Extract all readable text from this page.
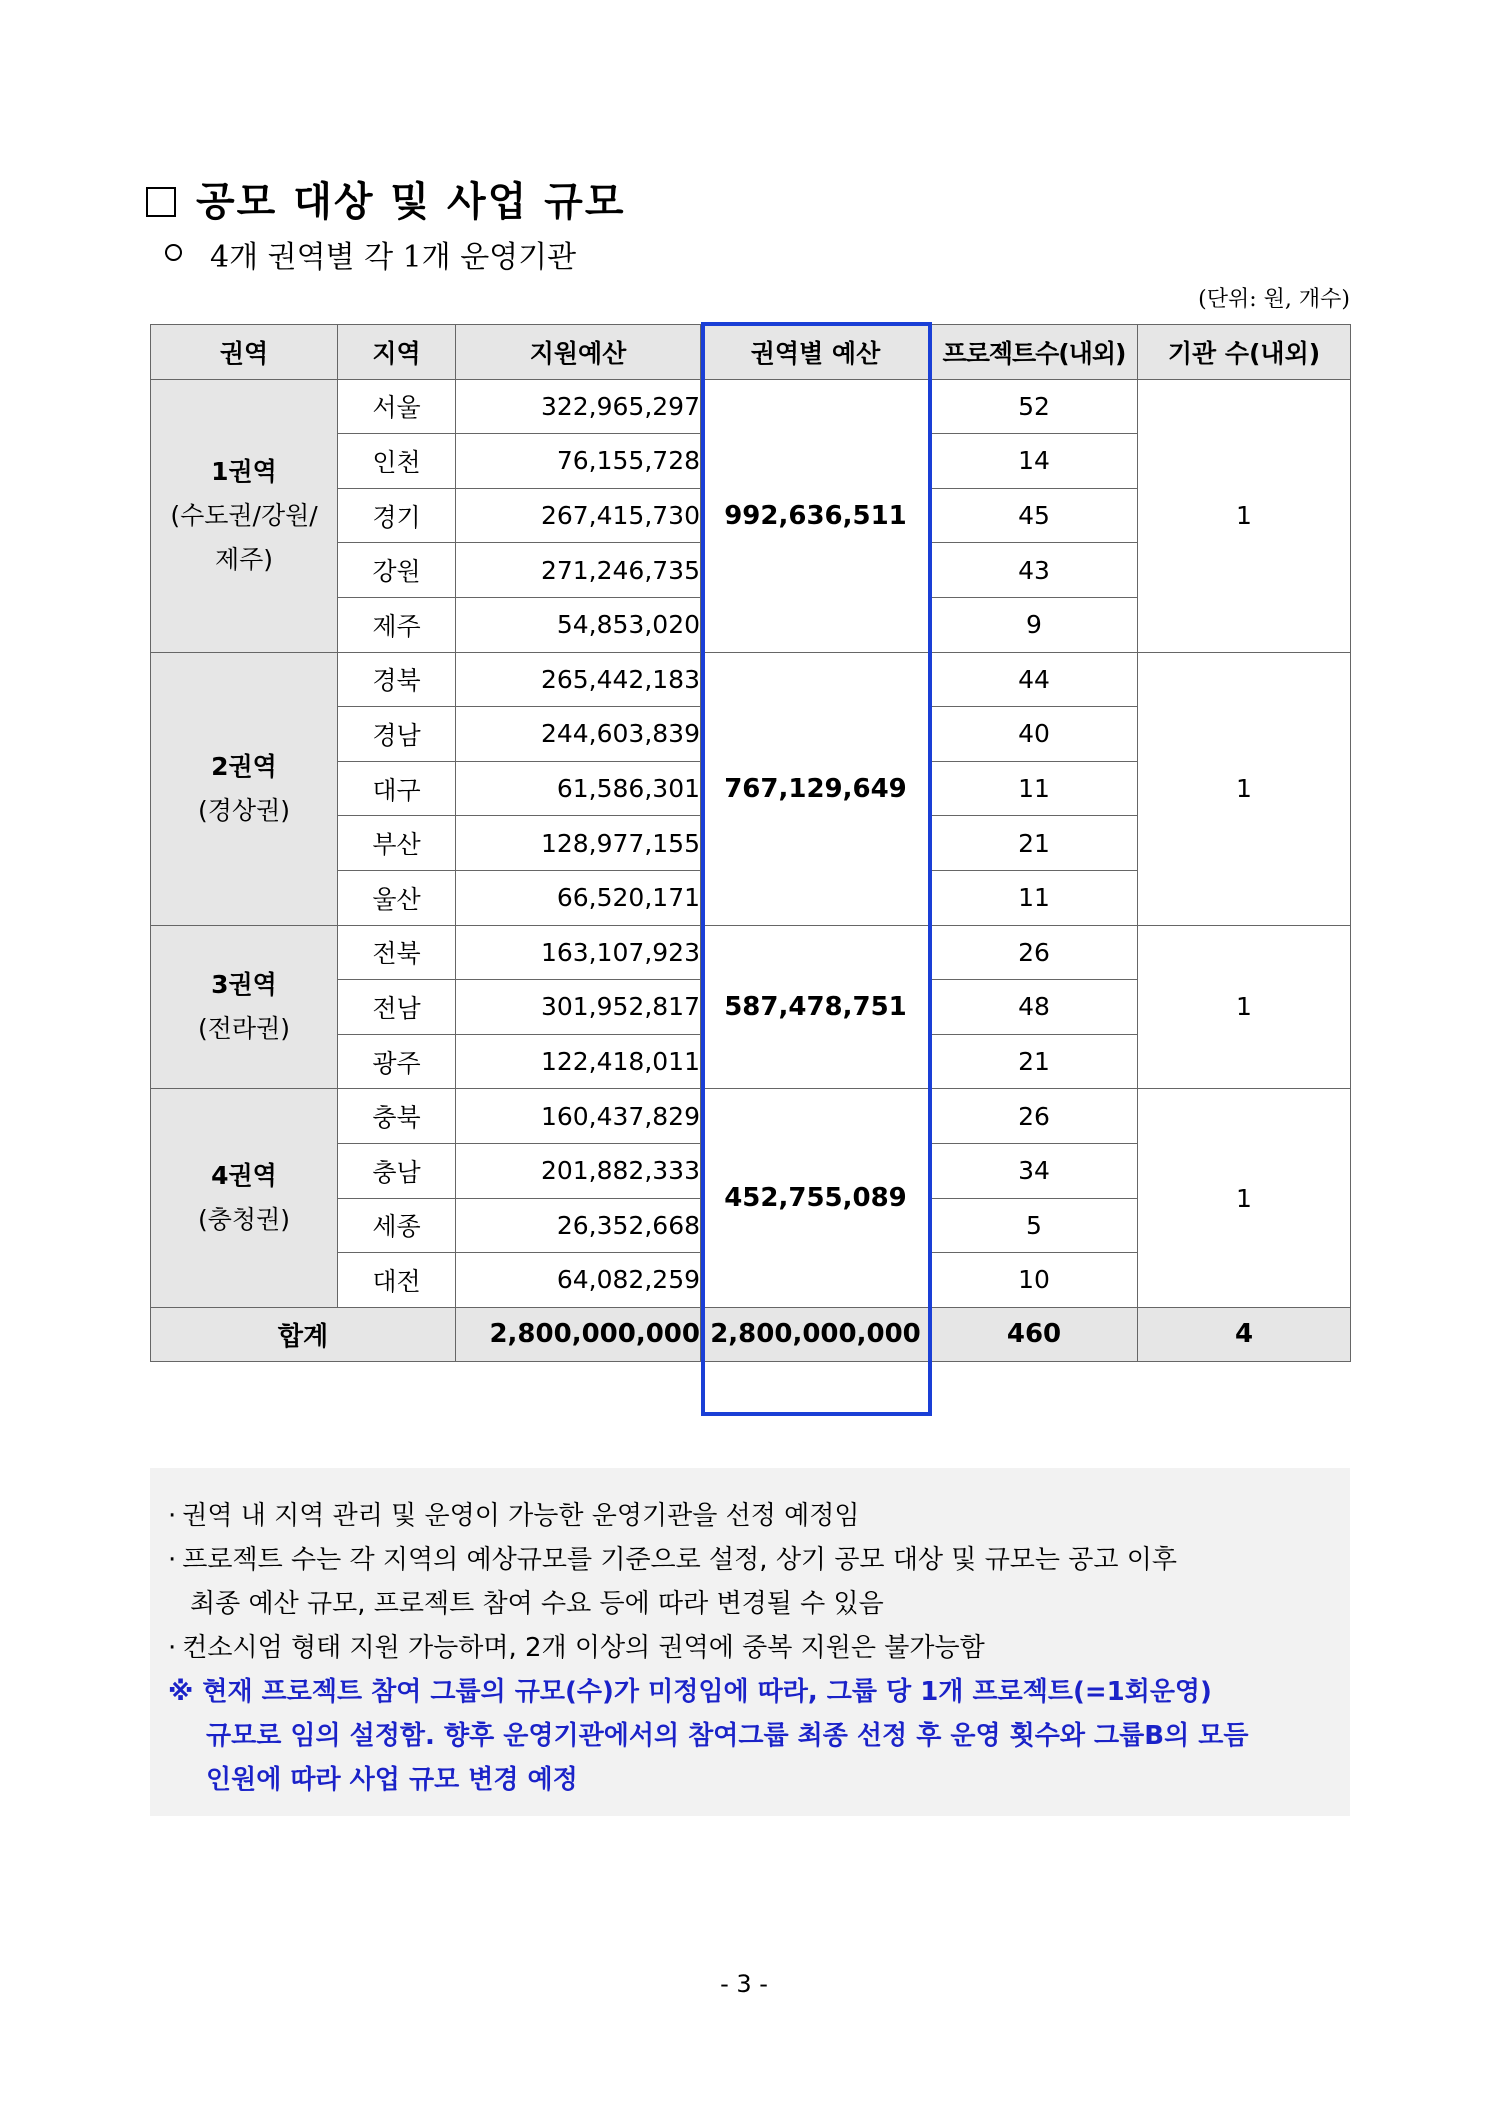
공모 대상 및 사업 규모
4개 권역별 각 1개 운영기관
(단위: 원, 개수)
권역	지역	지원예산	권역별 예산	프로젝트수(내외)	기관 수(내외)

1권역
(수도권/강원/
제주)	서울	322,965,297	992,636,511	52	1
	인천	76,155,728		14	
	경기	267,415,730		45	
	강원	271,246,735		43	
	제주	54,853,020		9	

2권역
(경상권)	경북	265,442,183	767,129,649	44	1
	경남	244,603,839		40	
	대구	61,586,301		11	
	부산	128,977,155		21	
	울산	66,520,171		11	

3권역
(전라권)	전북	163,107,923	587,478,751	26	1
	전남	301,952,817		48	
	광주	122,418,011		21	

4권역
(충청권)	충북	160,437,829	452,755,089	26	1
	충남	201,882,333		34	
	세종	26,352,668		5	
	대전	64,082,259		10	
합계		2,800,000,000	2,800,000,000	460	4

· 권역 내 지역 관리 및 운영이 가능한 운영기관을 선정 예정임

· 프로젝트 수는 각 지역의 예상규모를 기준으로 설정, 상기 공모 대상 및 규모는 공고 이후

최종 예산 규모, 프로젝트 참여 수요 등에 따라 변경될 수 있음

· 컨소시엄 형태 지원 가능하며, 2개 이상의 권역에 중복 지원은 불가능함

※ 현재 프로젝트 참여 그룹의 규모(수)가 미정임에 따라, 그룹 당 1개 프로젝트(=1회운영)

규모로 임의 설정함. 향후 운영기관에서의 참여그룹 최종 선정 후 운영 횟수와 그룹B의 모듬

인원에 따라 사업 규모 변경 예정

- 3 -
